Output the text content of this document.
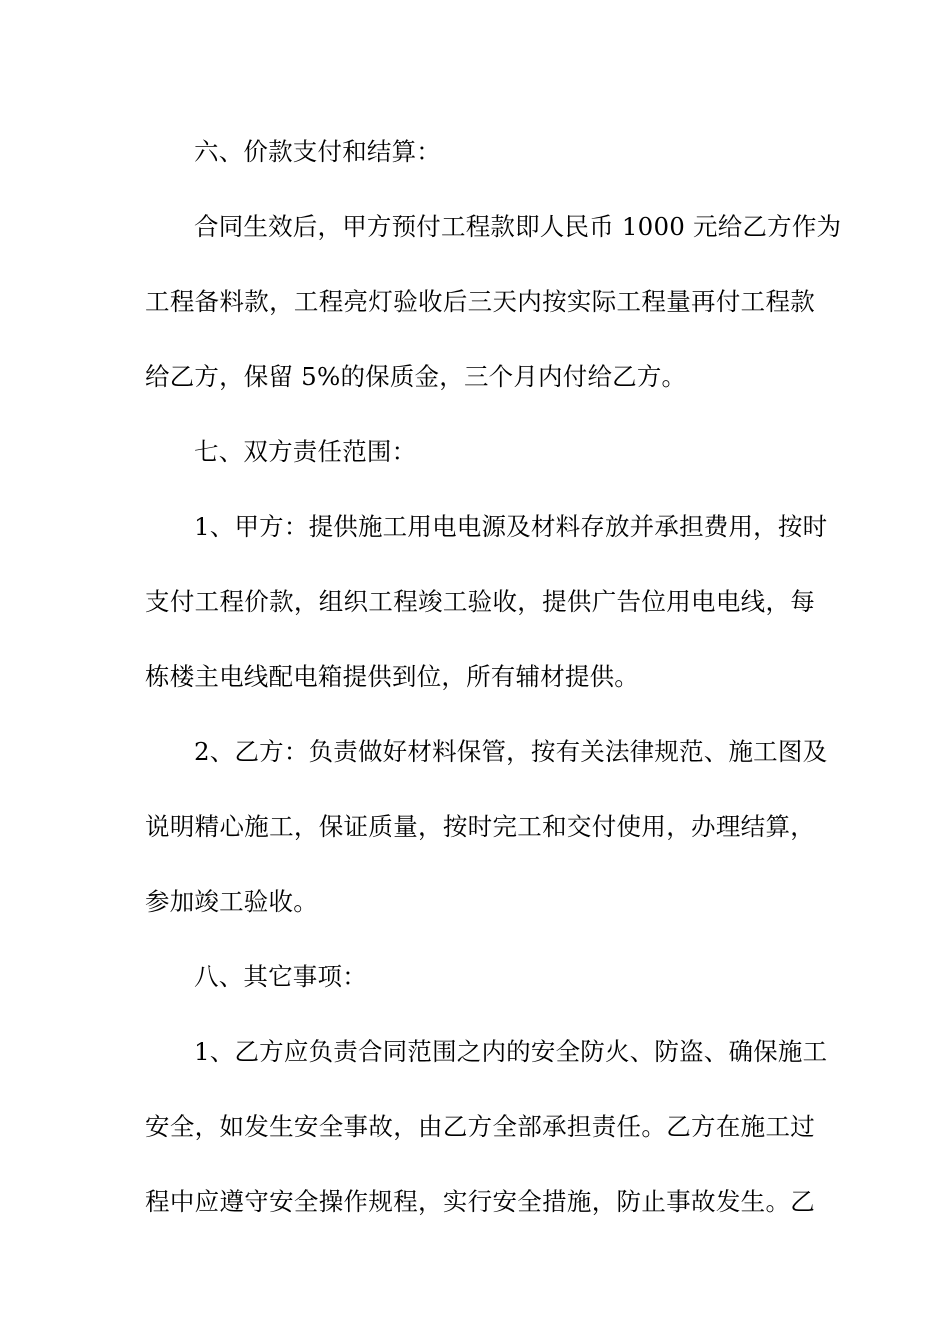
六、价款支付和结算：

合同生效后，甲方预付工程款即人民币 1000 元给乙方作为

工程备料款，工程亮灯验收后三天内按实际工程量再付工程款

给乙方，保留 5%的保质金，三个月内付给乙方。

七、双方责任范围：

1、甲方：提供施工用电电源及材料存放并承担费用，按时

支付工程价款，组织工程竣工验收，提供广告位用电电线，每

栋楼主电线配电箱提供到位，所有辅材提供。

2、乙方：负责做好材料保管，按有关法律规范、施工图及

说明精心施工，保证质量，按时完工和交付使用，办理结算，

参加竣工验收。

八、其它事项：

1、乙方应负责合同范围之内的安全防火、防盗、确保施工

安全，如发生安全事故，由乙方全部承担责任。乙方在施工过

程中应遵守安全操作规程，实行安全措施，防止事故发生。乙
